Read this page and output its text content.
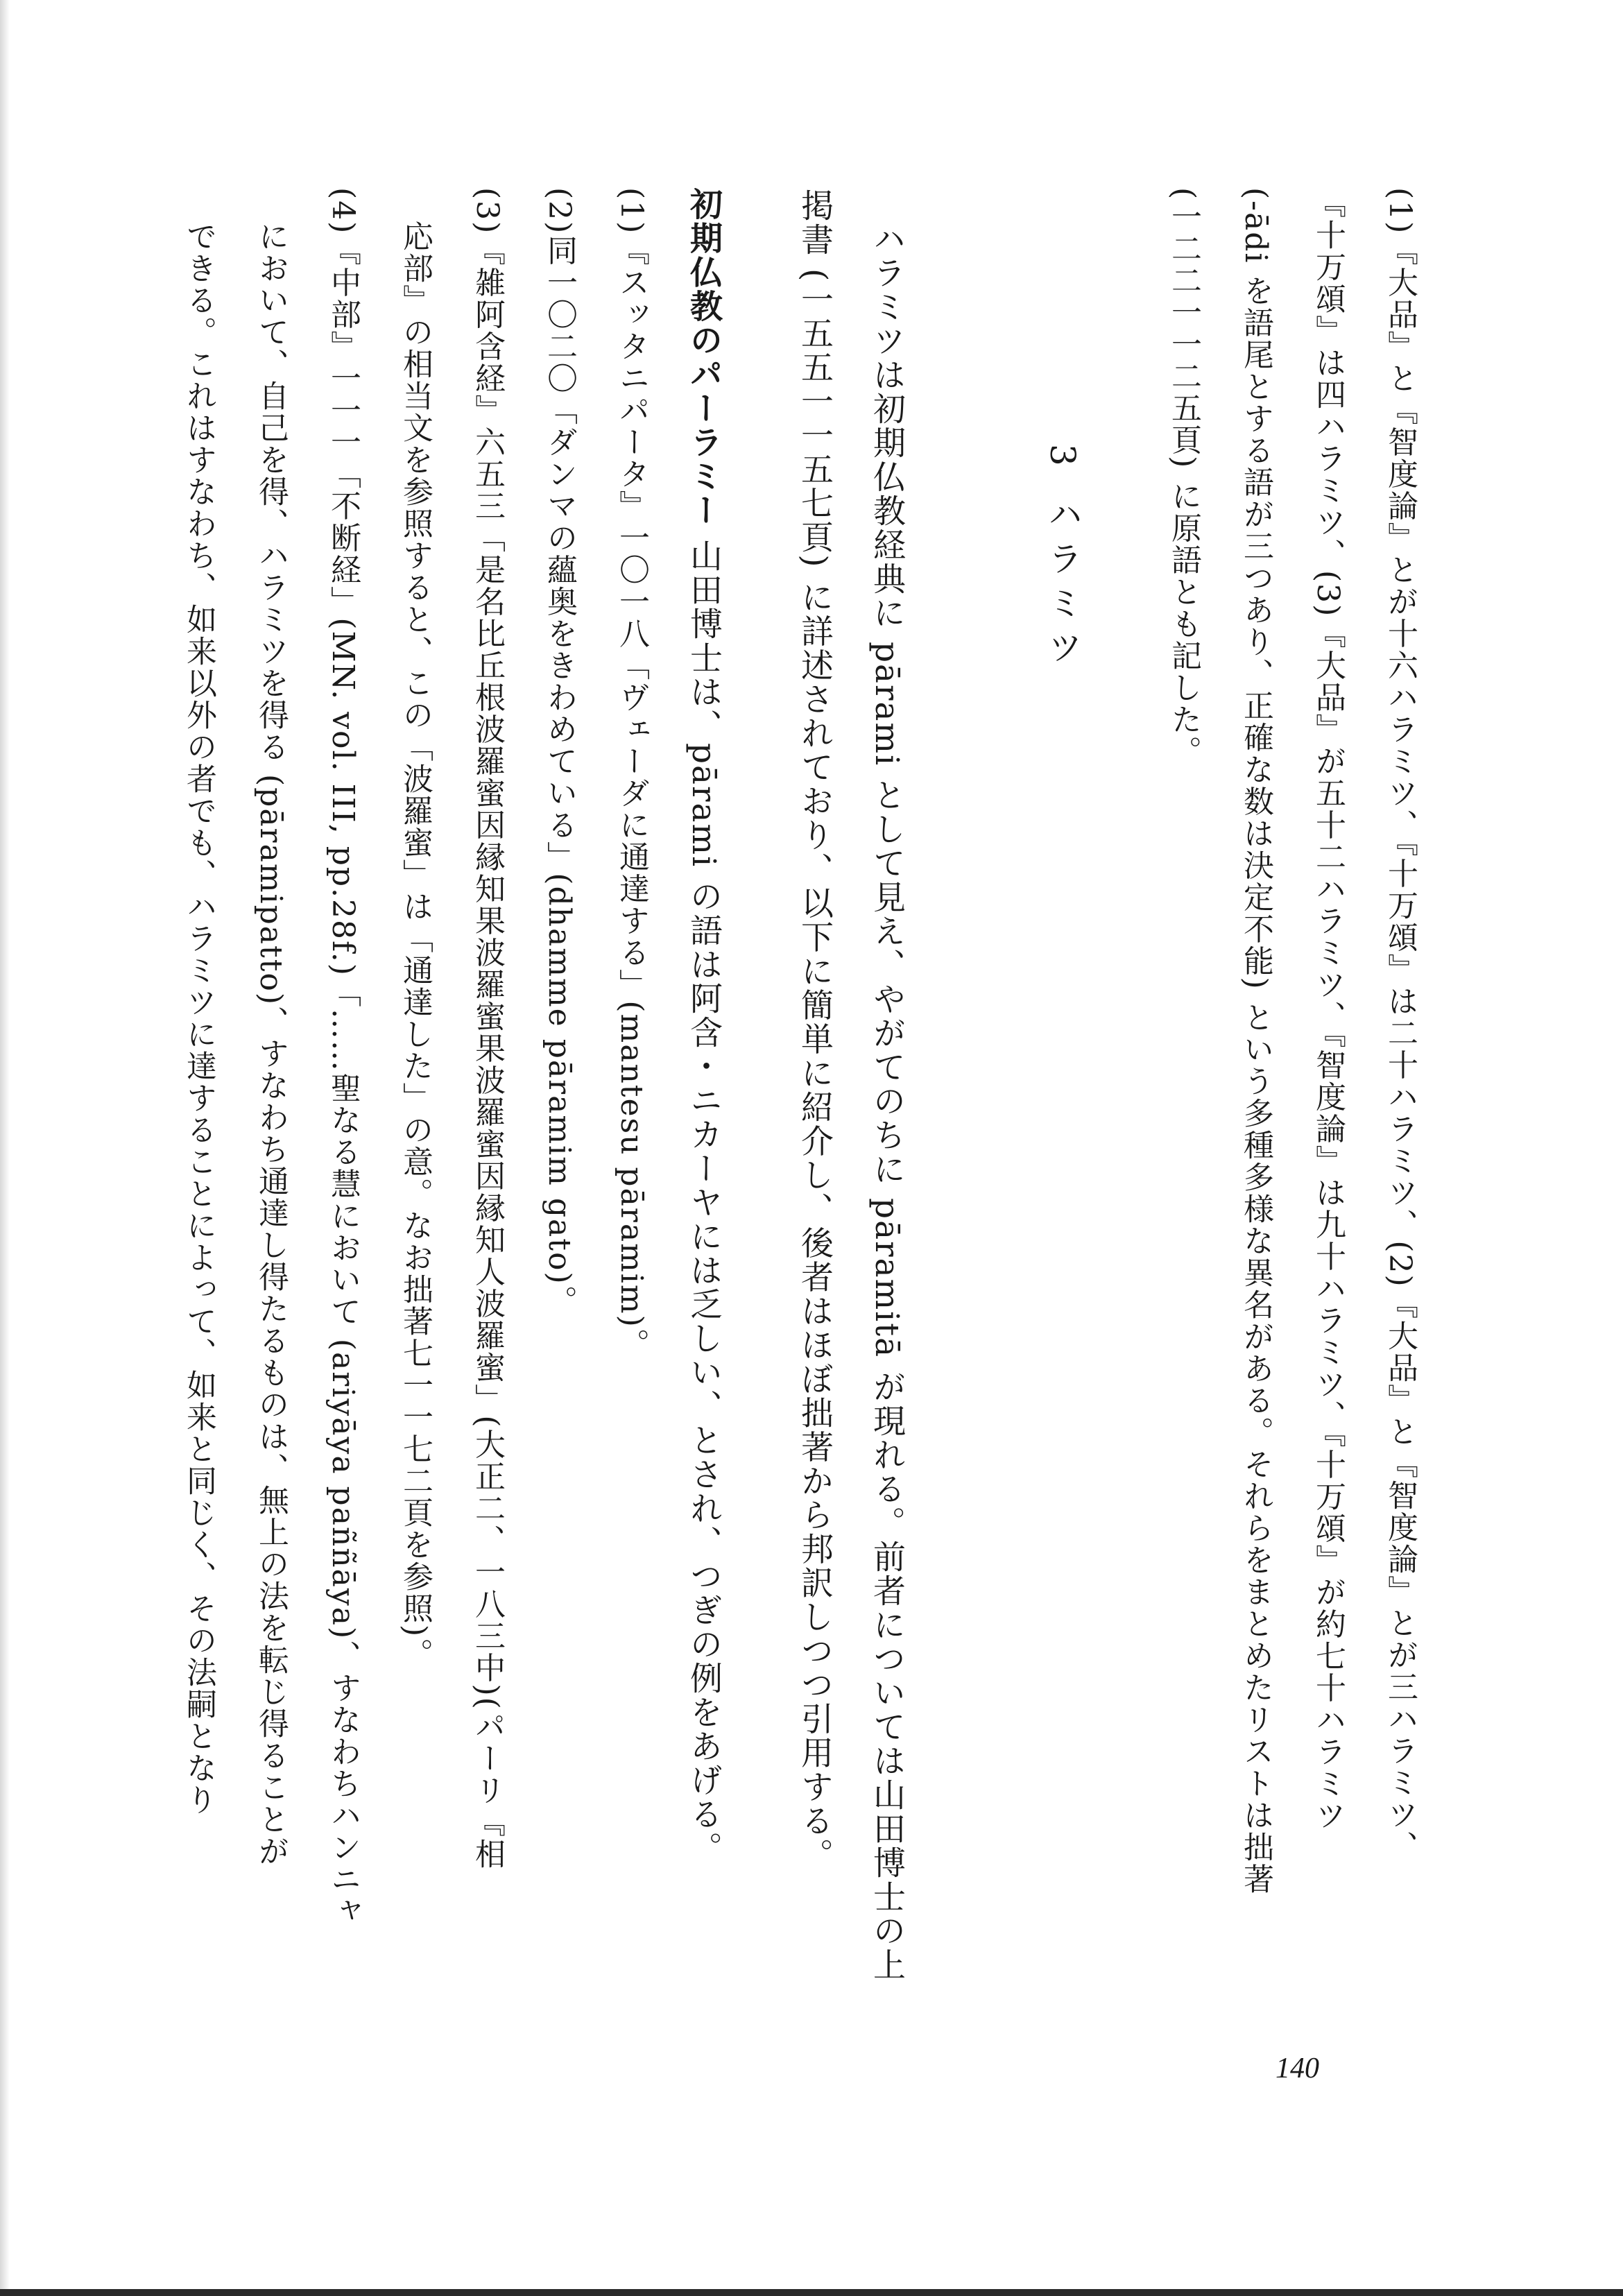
(1)『大品』と『智度論』とが十六ハラミツ、『十万頌』は二十ハラミツ、(2)『大品』と『智度論』とが三ハラミツ、
『十万頌』は四ハラミツ、(3)『大品』が五十二ハラミツ、『智度論』は九十ハラミツ、『十万頌』が約七十ハラミツ
(-ādi を語尾とする語が三つあり、正確な数は決定不能) という多種多様な異名がある。それらをまとめたリストは拙著
(一二二一一二五頁) に原語とも記した。
3 ハラミツ
ハラミツは初期仏教経典に pārami として見え、やがてのちに pāramitā が現れる。前者については山田博士の上
掲書 (一五五一一五七頁) に詳述されており、以下に簡単に紹介し、後者はほぼ拙著から邦訳しつつ引用する。
初期仏教のパーラミー 山田博士は、pārami の語は阿含・ニカーヤには乏しい、とされ、つぎの例をあげる。
(1)『スッタニパータ』一〇一八「ヴェーダに通達する」(mantesu pāramim)。
(2)同一〇二〇「ダンマの蘊奥をきわめている」(dhamme pāramim gato)。
(3)『雑阿含経』六五三「是名比丘根波羅蜜因縁知果波羅蜜果波羅蜜因縁知人波羅蜜」(大正二、一八三中)(パーリ『相
応部』の相当文を参照すると、この「波羅蜜」は「通達した」の意。なお拙著七一一七二頁を参照)。
(4)『中部』一一一「不断経」(MN. vol. III, pp.28f.)「……聖なる慧において (ariyāya paññāya)、すなわちハンニャ
において、自己を得、ハラミツを得る (pāramipatto)、すなわち通達し得たるものは、無上の法を転じ得ることが
できる。これはすなわち、如来以外の者でも、ハラミツに達することによって、如来と同じく、その法嗣となり
140
